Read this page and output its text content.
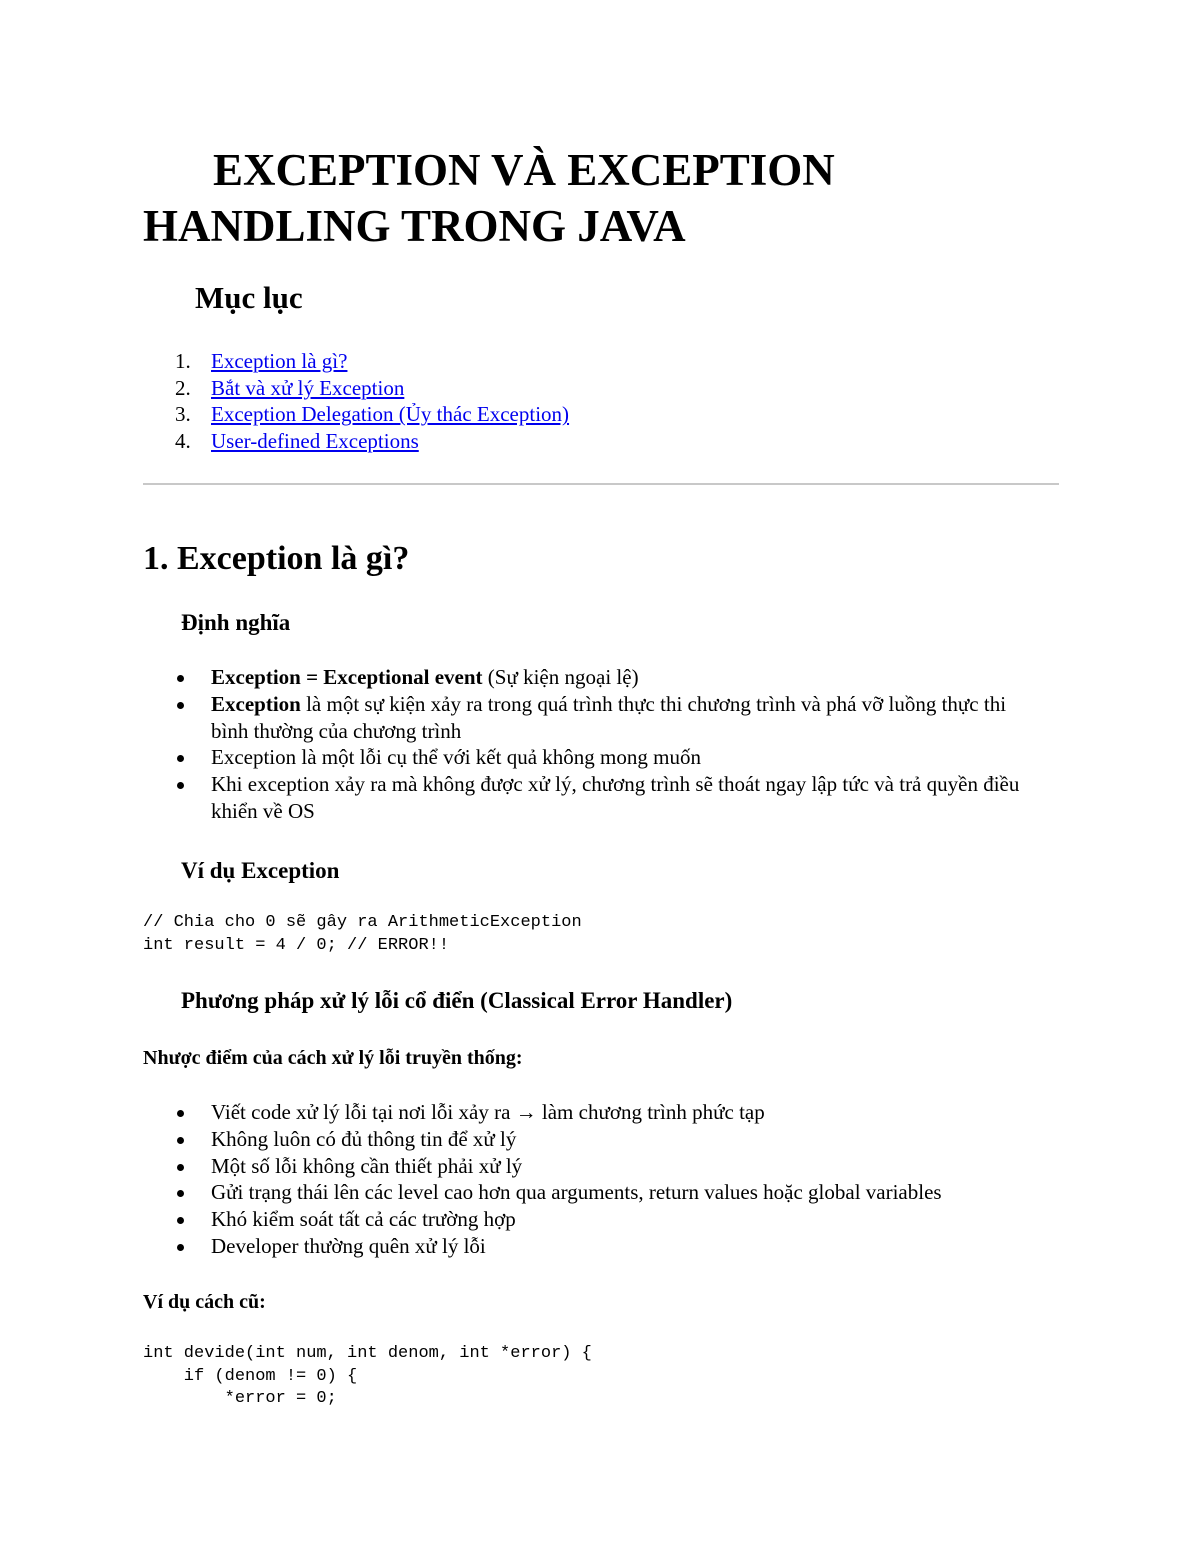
EXCEPTION VÀ EXCEPTION HANDLING TRONG JAVA
Mục lục
1. Exception là gì?
2. Bắt và xử lý Exception
3. Exception Delegation (Ủy thác Exception)
4. User-defined Exceptions
1. Exception là gì?
Định nghĩa
Exception = Exceptional event (Sự kiện ngoại lệ)
Exception là một sự kiện xảy ra trong quá trình thực thi chương trình và phá vỡ luồng thực thi bình thường của chương trình
Exception là một lỗi cụ thể với kết quả không mong muốn
Khi exception xảy ra mà không được xử lý, chương trình sẽ thoát ngay lập tức và trả quyền điều khiển về OS
Ví dụ Exception
// Chia cho 0 sẽ gây ra ArithmeticException
int result = 4 / 0; // ERROR!!
Phương pháp xử lý lỗi cổ điển (Classical Error Handler)
Nhược điểm của cách xử lý lỗi truyền thống:
Viết code xử lý lỗi tại nơi lỗi xảy ra → làm chương trình phức tạp
Không luôn có đủ thông tin để xử lý
Một số lỗi không cần thiết phải xử lý
Gửi trạng thái lên các level cao hơn qua arguments, return values hoặc global variables
Khó kiểm soát tất cả các trường hợp
Developer thường quên xử lý lỗi
Ví dụ cách cũ:
int devide(int num, int denom, int *error) {
if (denom != 0) {
*error = 0;
